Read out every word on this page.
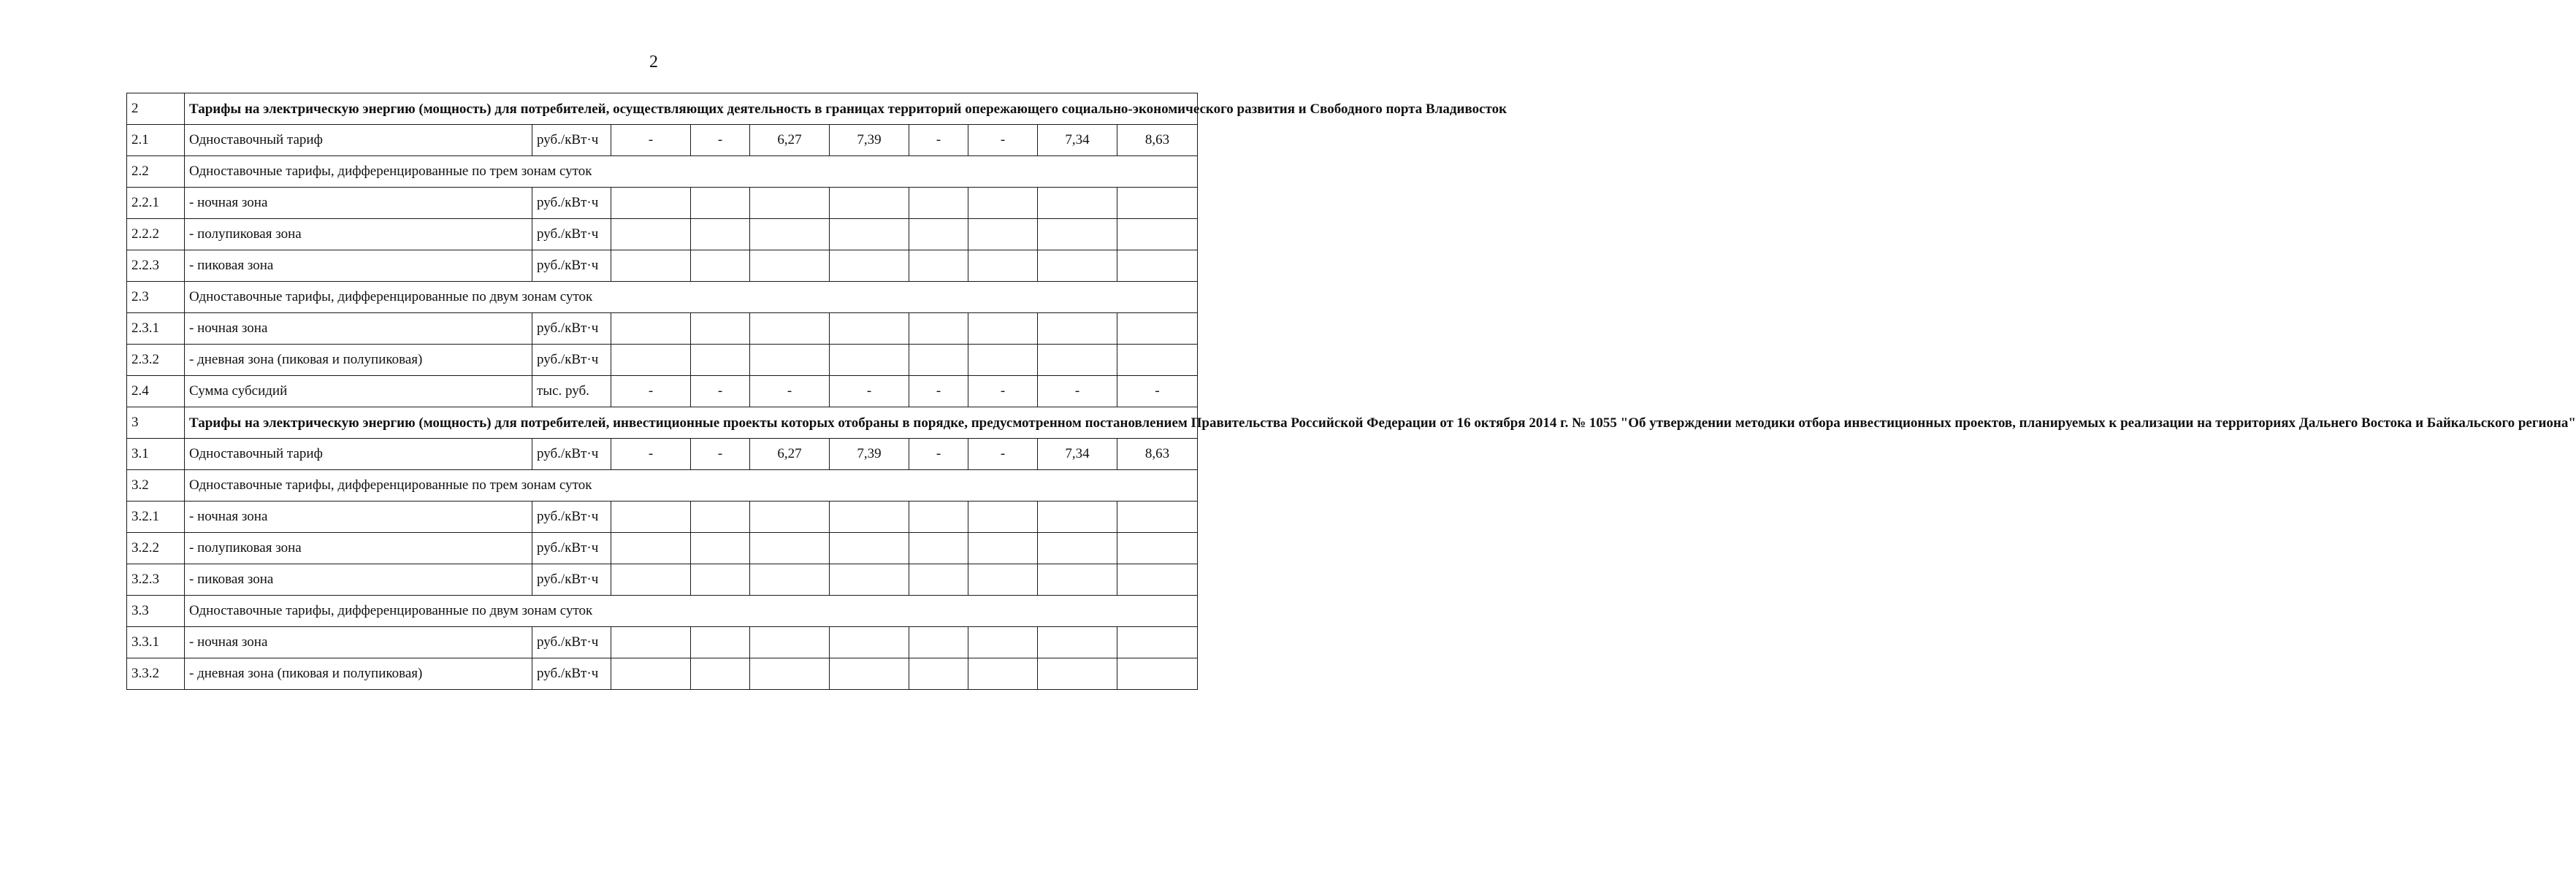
2
2	Тарифы на электрическую энергию (мощность) для потребителей, осуществляющих деятельность в границах территорий опережающего социально-экономического развития и Свободного порта Владивосток									
2.1	Одноставочный тариф	руб./кВт·ч	-	-	6,27	7,39	-	-	7,34	8,63
2.2	Одноставочные тарифы, дифференцированные по трем зонам суток									
2.2.1	- ночная зона	руб./кВт·ч								
2.2.2	- полупиковая зона	руб./кВт·ч								
2.2.3	- пиковая зона	руб./кВт·ч								
2.3	Одноставочные тарифы, дифференцированные по двум зонам суток									
2.3.1	- ночная зона	руб./кВт·ч								
2.3.2	- дневная зона (пиковая и полупиковая)	руб./кВт·ч								
2.4	Сумма субсидий	тыс. руб.	-	-	-	-	-	-	-	-
3	Тарифы на электрическую энергию (мощность) для потребителей, инвестиционные проекты которых отобраны в порядке, предусмотренном постановлением Правительства Российской Федерации от 16 октября 2014 г. № 1055 "Об утверждении методики отбора инвестиционных проектов, планируемых к реализации на территориях Дальнего Востока и Байкальского региона"									
3.1	Одноставочный тариф	руб./кВт·ч	-	-	6,27	7,39	-	-	7,34	8,63
3.2	Одноставочные тарифы, дифференцированные по трем зонам суток									
3.2.1	- ночная зона	руб./кВт·ч								
3.2.2	- полупиковая зона	руб./кВт·ч								
3.2.3	- пиковая зона	руб./кВт·ч								
3.3	Одноставочные тарифы, дифференцированные по двум зонам суток									
3.3.1	- ночная зона	руб./кВт·ч								
3.3.2	- дневная зона (пиковая и полупиковая)	руб./кВт·ч								
